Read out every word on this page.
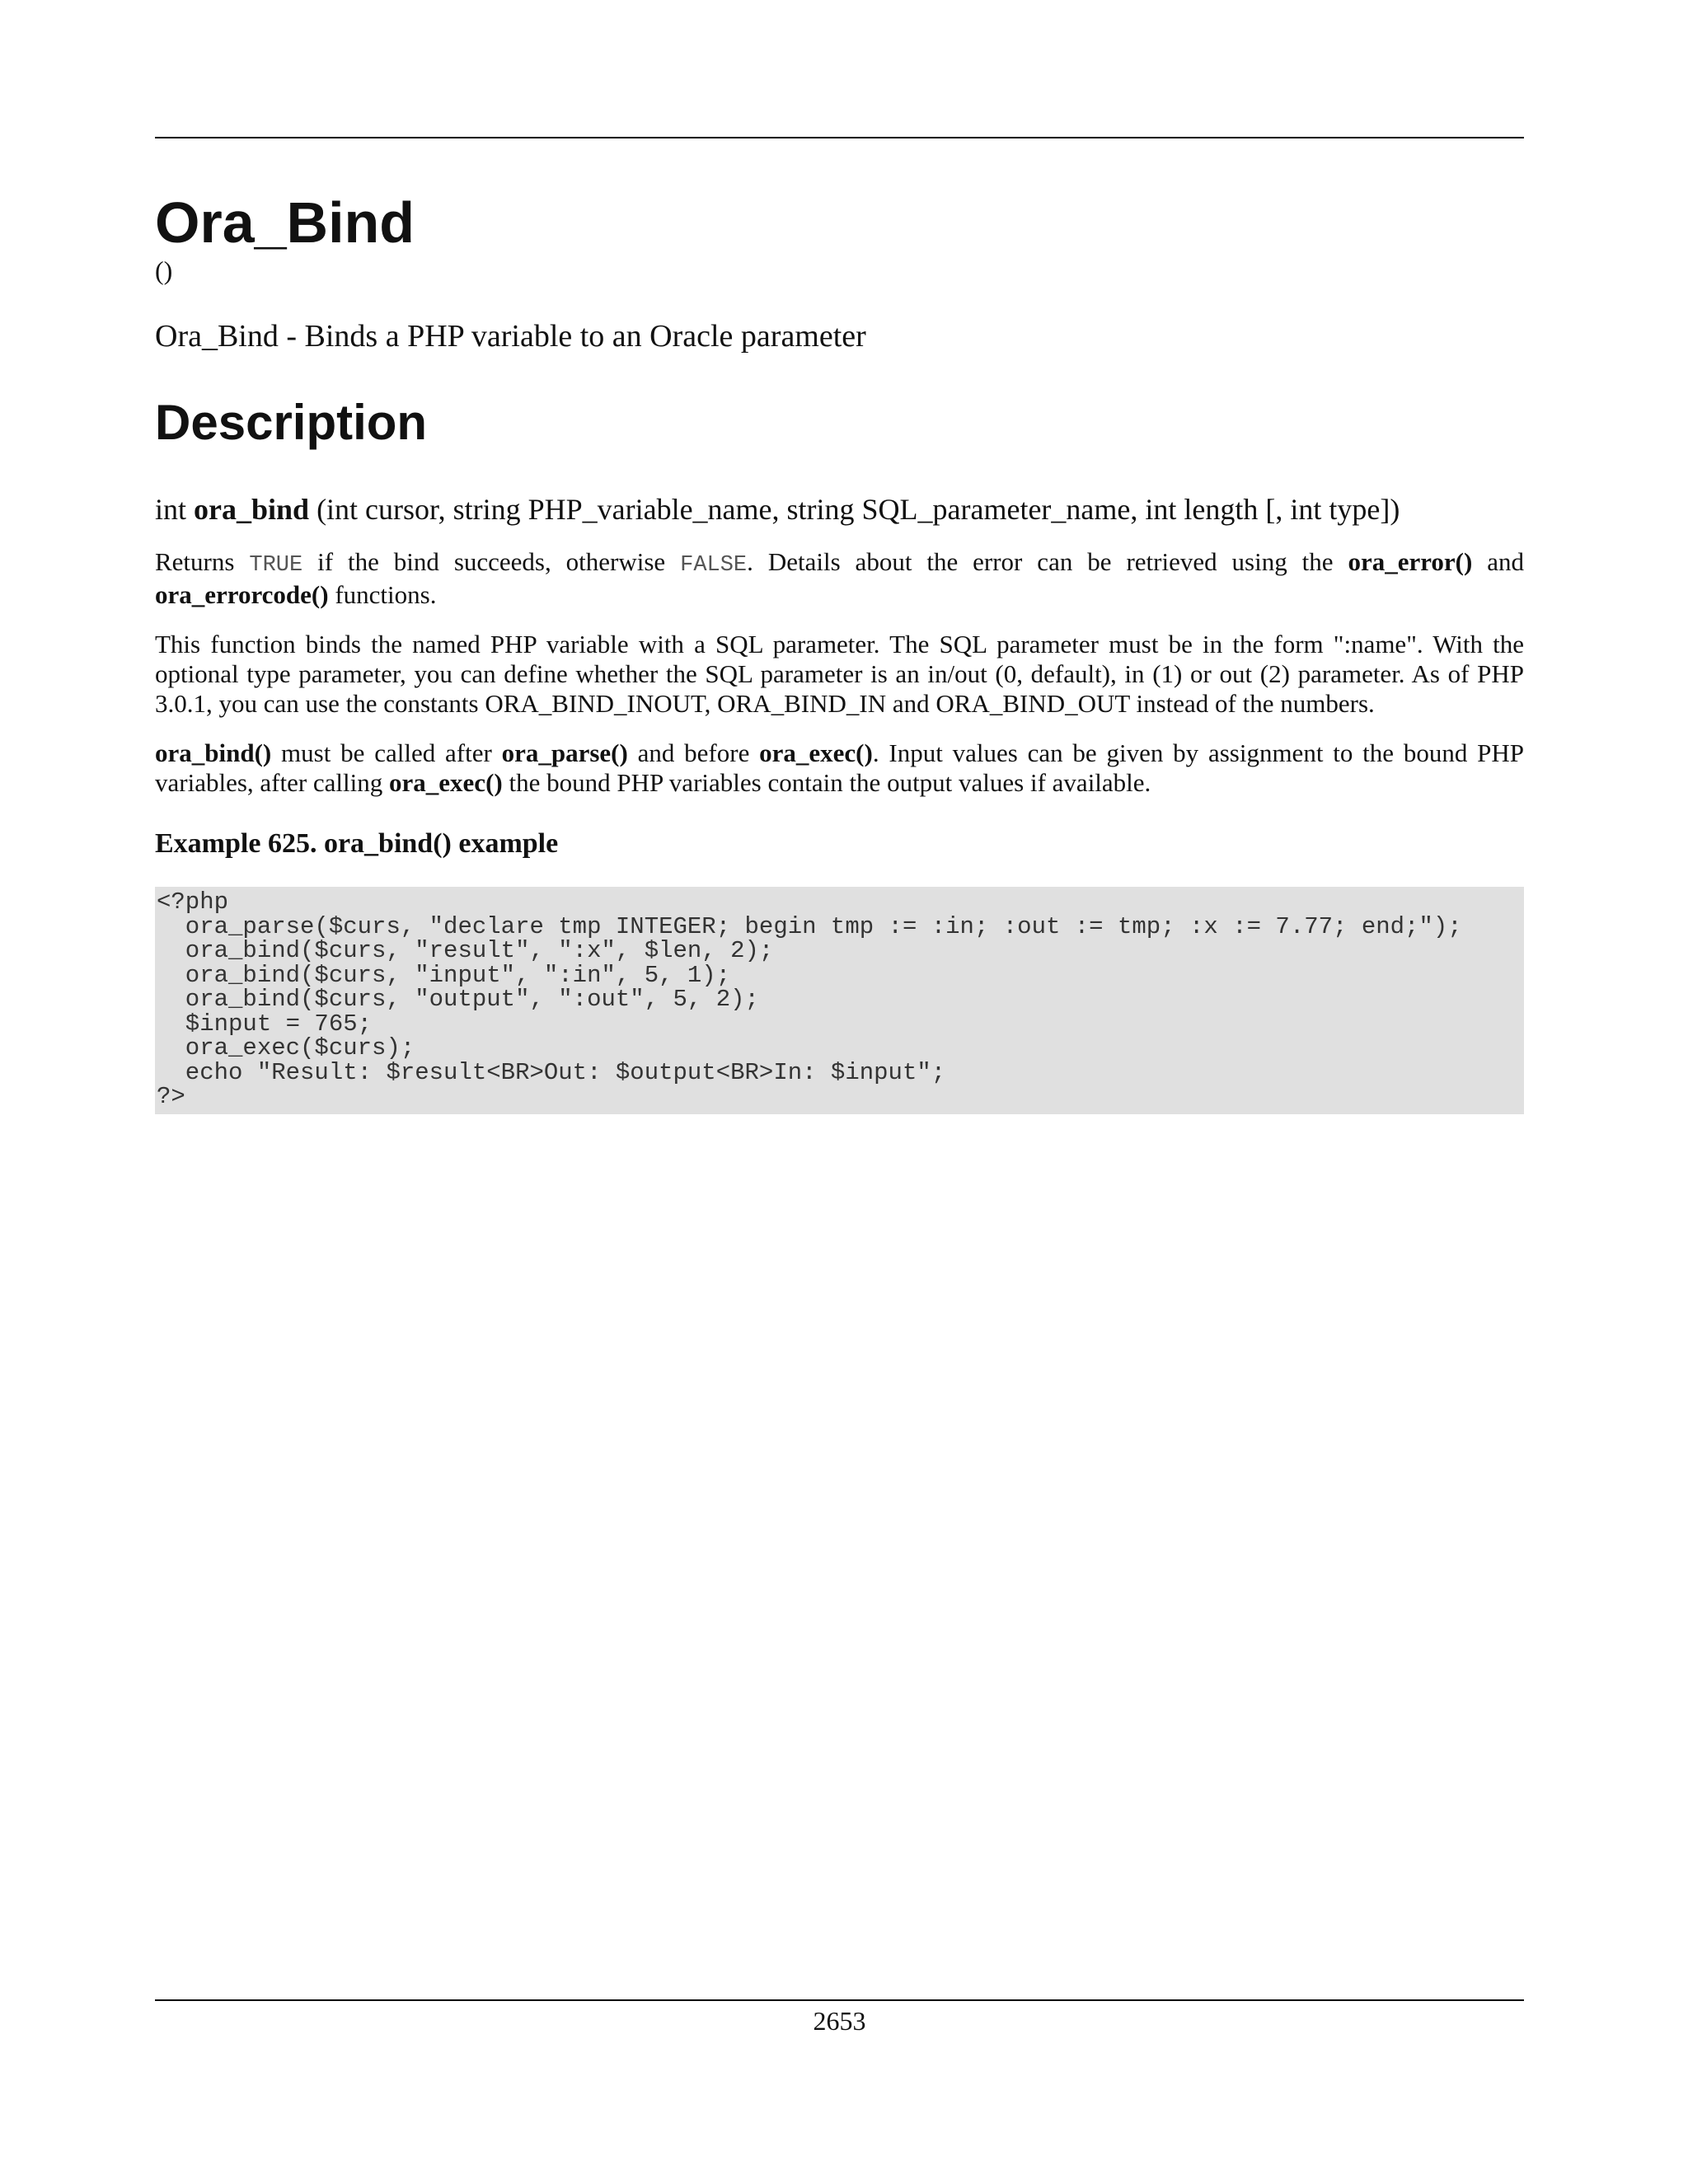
Ora_Bind
()

Ora_Bind - Binds a PHP variable to an Oracle parameter

Description
int ora_bind (int cursor, string PHP_variable_name, string SQL_parameter_name, int length [, int type])

Returns TRUE if the bind succeeds, otherwise FALSE. Details about the error can be retrieved using the ora_error() and ora_errorcode() functions.

This function binds the named PHP variable with a SQL parameter. The SQL parameter must be in the form ":name". With the optional type parameter, you can define whether the SQL parameter is an in/out (0, default), in (1) or out (2) parameter. As of PHP 3.0.1, you can use the constants ORA_BIND_INOUT, ORA_BIND_IN and ORA_BIND_OUT instead of the numbers.

ora_bind() must be called after ora_parse() and before ora_exec(). Input values can be given by assignment to the bound PHP variables, after calling ora_exec() the bound PHP variables contain the output values if available.

Example 625. ora_bind() example
<?php
ora_parse($curs, "declare tmp INTEGER; begin tmp := :in; :out := tmp; :x := 7.77; end;");
ora_bind($curs, "result", ":x", $len, 2);
ora_bind($curs, "input", ":in", 5, 1);
ora_bind($curs, "output", ":out", 5, 2);
$input = 765;
ora_exec($curs);
echo "Result: $result<BR>Out: $output<BR>In: $input";
?>
2653
